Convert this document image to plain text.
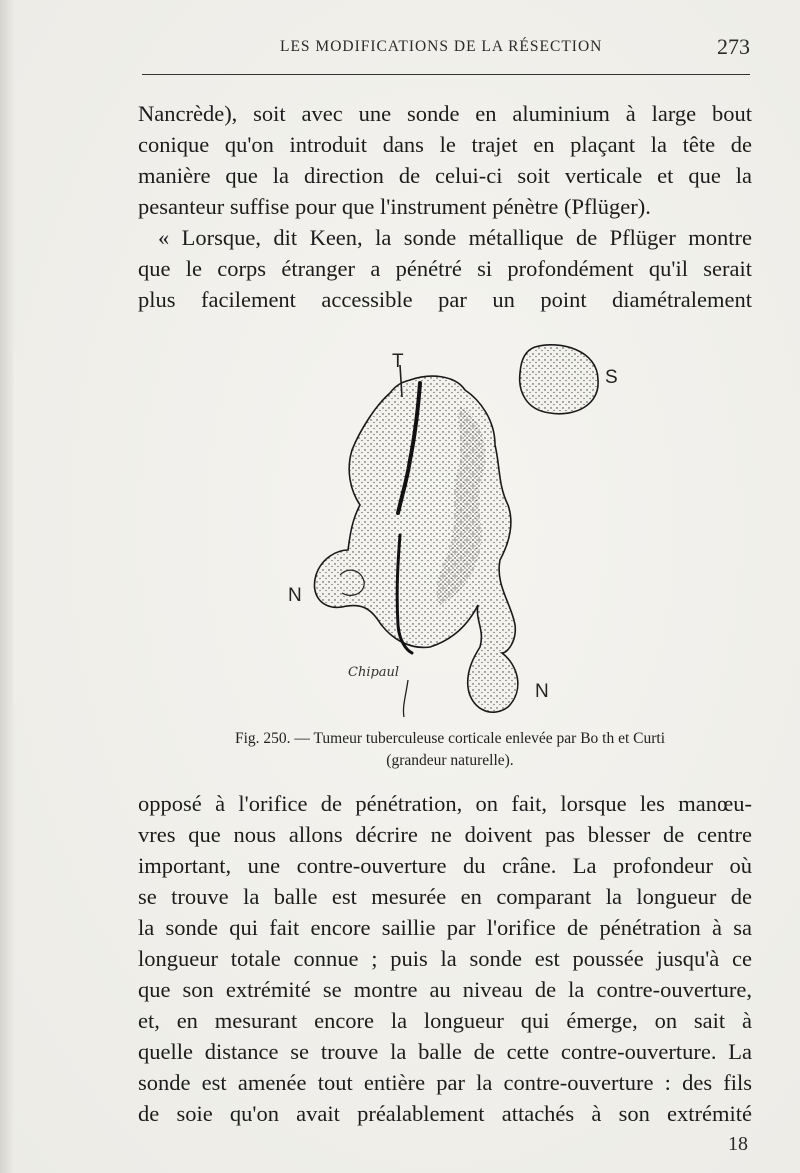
LES MODIFICATIONS DE LA RÉSECTION	273

Nancrède), soit avec une sonde en aluminium à large bout
conique qu'on introduit dans le trajet en plaçant la tête de
manière que la direction de celui-ci soit verticale et que la
pesanteur suffise pour que l'instrument pénètre (Pflüger).
« Lorsque, dit Keen, la sonde métallique de Pflüger montre
que le corps étranger a pénétré si profondément qu'il serait
plus facilement accessible par un point diamétralement

T
S
N
N
Chipaul
Fig. 250. — Tumeur tuberculeuse corticale enlevée par Bo th et Curti
(grandeur naturelle).

opposé à l'orifice de pénétration, on fait, lorsque les manœu-
vres que nous allons décrire ne doivent pas blesser de centre
important, une contre-ouverture du crâne. La profondeur où
se trouve la balle est mesurée en comparant la longueur de
la sonde qui fait encore saillie par l'orifice de pénétration à sa
longueur totale connue ; puis la sonde est poussée jusqu'à ce
que son extrémité se montre au niveau de la contre-ouverture,
et, en mesurant encore la longueur qui émerge, on sait à
quelle distance se trouve la balle de cette contre-ouverture. La
sonde est amenée tout entière par la contre-ouverture : des fils
de soie qu'on avait préalablement attachés à son extrémité

18
